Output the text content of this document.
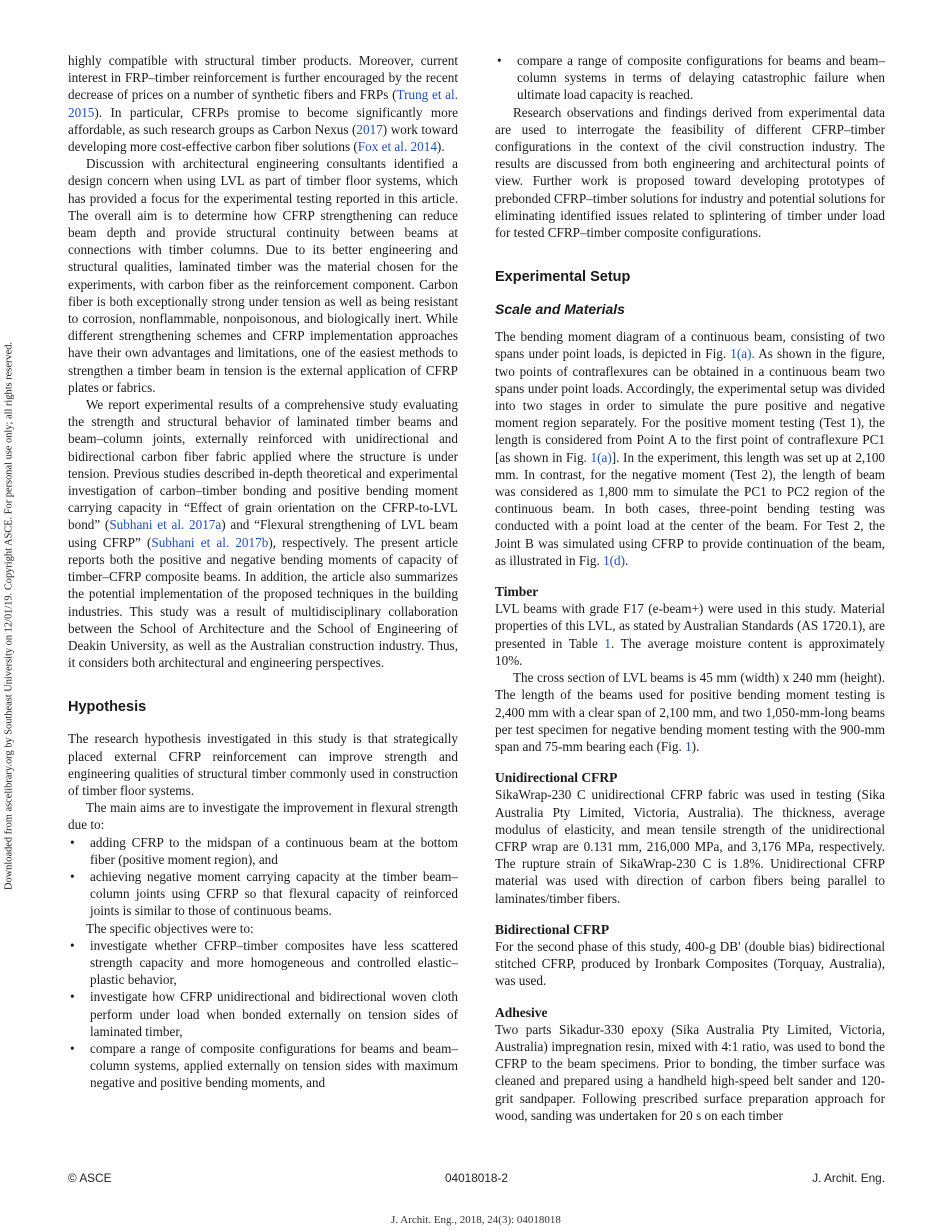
Downloaded from ascelibrary.org by Southeast University on 12/01/19. Copyright ASCE. For personal use only; all rights reserved.

highly compatible with structural timber products. Moreover, current interest in FRP–timber reinforcement is further encouraged by the recent decrease of prices on a number of synthetic fibers and FRPs (Trung et al. 2015). In particular, CFRPs promise to become significantly more affordable, as such research groups as Carbon Nexus (2017) work toward developing more cost-effective carbon fiber solutions (Fox et al. 2014).

Discussion with architectural engineering consultants identified a design concern when using LVL as part of timber floor systems, which has provided a focus for the experimental testing reported in this article. The overall aim is to determine how CFRP strengthening can reduce beam depth and provide structural continuity between beams at connections with timber columns. Due to its better engineering and structural qualities, laminated timber was the material chosen for the experiments, with carbon fiber as the reinforcement component. Carbon fiber is both exceptionally strong under tension as well as being resistant to corrosion, nonflammable, nonpoisonous, and biologically inert. While different strengthening schemes and CFRP implementation approaches have their own advantages and limitations, one of the easiest methods to strengthen a timber beam in tension is the external application of CFRP plates or fabrics.

We report experimental results of a comprehensive study evaluating the strength and structural behavior of laminated timber beams and beam–column joints, externally reinforced with unidirectional and bidirectional carbon fiber fabric applied where the structure is under tension. Previous studies described in-depth theoretical and experimental investigation of carbon–timber bonding and positive bending moment carrying capacity in “Effect of grain orientation on the CFRP-to-LVL bond” (Subhani et al. 2017a) and “Flexural strengthening of LVL beam using CFRP” (Subhani et al. 2017b), respectively. The present article reports both the positive and negative bending moments of capacity of timber–CFRP composite beams. In addition, the article also summarizes the potential implementation of the proposed techniques in the building industries. This study was a result of multidisciplinary collaboration between the School of Architecture and the School of Engineering of Deakin University, as well as the Australian construction industry. Thus, it considers both architectural and engineering perspectives.

Hypothesis

The research hypothesis investigated in this study is that strategically placed external CFRP reinforcement can improve strength and engineering qualities of structural timber commonly used in construction of timber floor systems.

The main aims are to investigate the improvement in flexural strength due to:

• adding CFRP to the midspan of a continuous beam at the bottom fiber (positive moment region), and
• achieving negative moment carrying capacity at the timber beam–column joints using CFRP so that flexural capacity of reinforced joints is similar to those of continuous beams.

The specific objectives were to:

• investigate whether CFRP–timber composites have less scattered strength capacity and more homogeneous and controlled elastic–plastic behavior,
• investigate how CFRP unidirectional and bidirectional woven cloth perform under load when bonded externally on tension sides of laminated timber,
• compare a range of composite configurations for beams and beam–column systems, applied externally on tension sides with maximum negative and positive bending moments, and
• compare a range of composite configurations for beams and beam–column systems in terms of delaying catastrophic failure when ultimate load capacity is reached.

Research observations and findings derived from experimental data are used to interrogate the feasibility of different CFRP–timber configurations in the context of the civil construction industry. The results are discussed from both engineering and architectural points of view. Further work is proposed toward developing prototypes of prebonded CFRP–timber solutions for industry and potential solutions for eliminating identified issues related to splintering of timber under load for tested CFRP–timber composite configurations.

Experimental Setup
Scale and Materials

The bending moment diagram of a continuous beam, consisting of two spans under point loads, is depicted in Fig. 1(a). As shown in the figure, two points of contraflexures can be obtained in a continuous beam two spans under point loads. Accordingly, the experimental setup was divided into two stages in order to simulate the pure positive and negative moment region separately. For the positive moment testing (Test 1), the length is considered from Point A to the first point of contraflexure PC1 [as shown in Fig. 1(a)]. In the experiment, this length was set up at 2,100 mm. In contrast, for the negative moment (Test 2), the length of beam was considered as 1,800 mm to simulate the PC1 to PC2 region of the continuous beam. In both cases, three-point bending testing was conducted with a point load at the center of the beam. For Test 2, the Joint B was simulated using CFRP to provide continuation of the beam, as illustrated in Fig. 1(d).

Timber

LVL beams with grade F17 (e-beam+) were used in this study. Material properties of this LVL, as stated by Australian Standards (AS 1720.1), are presented in Table 1. The average moisture content is approximately 10%.

The cross section of LVL beams is 45 mm (width) x 240 mm (height). The length of the beams used for positive bending moment testing is 2,400 mm with a clear span of 2,100 mm, and two 1,050-mm-long beams per test specimen for negative bending moment testing with the 900-mm span and 75-mm bearing each (Fig. 1).

Unidirectional CFRP

SikaWrap-230 C unidirectional CFRP fabric was used in testing (Sika Australia Pty Limited, Victoria, Australia). The thickness, average modulus of elasticity, and mean tensile strength of the unidirectional CFRP wrap are 0.131 mm, 216,000 MPa, and 3,176 MPa, respectively. The rupture strain of SikaWrap-230 C is 1.8%. Unidirectional CFRP material was used with direction of carbon fibers being parallel to laminates/timber fibers.

Bidirectional CFRP

For the second phase of this study, 400-g DB' (double bias) bidirectional stitched CFRP, produced by Ironbark Composites (Torquay, Australia), was used.

Adhesive

Two parts Sikadur-330 epoxy (Sika Australia Pty Limited, Victoria, Australia) impregnation resin, mixed with 4:1 ratio, was used to bond the CFRP to the beam specimens. Prior to bonding, the timber surface was cleaned and prepared using a handheld high-speed belt sander and 120-grit sandpaper. Following prescribed surface preparation approach for wood, sanding was undertaken for 20 s on each timber

© ASCE	04018018-2	J. Archit. Eng.
J. Archit. Eng., 2018, 24(3): 04018018
